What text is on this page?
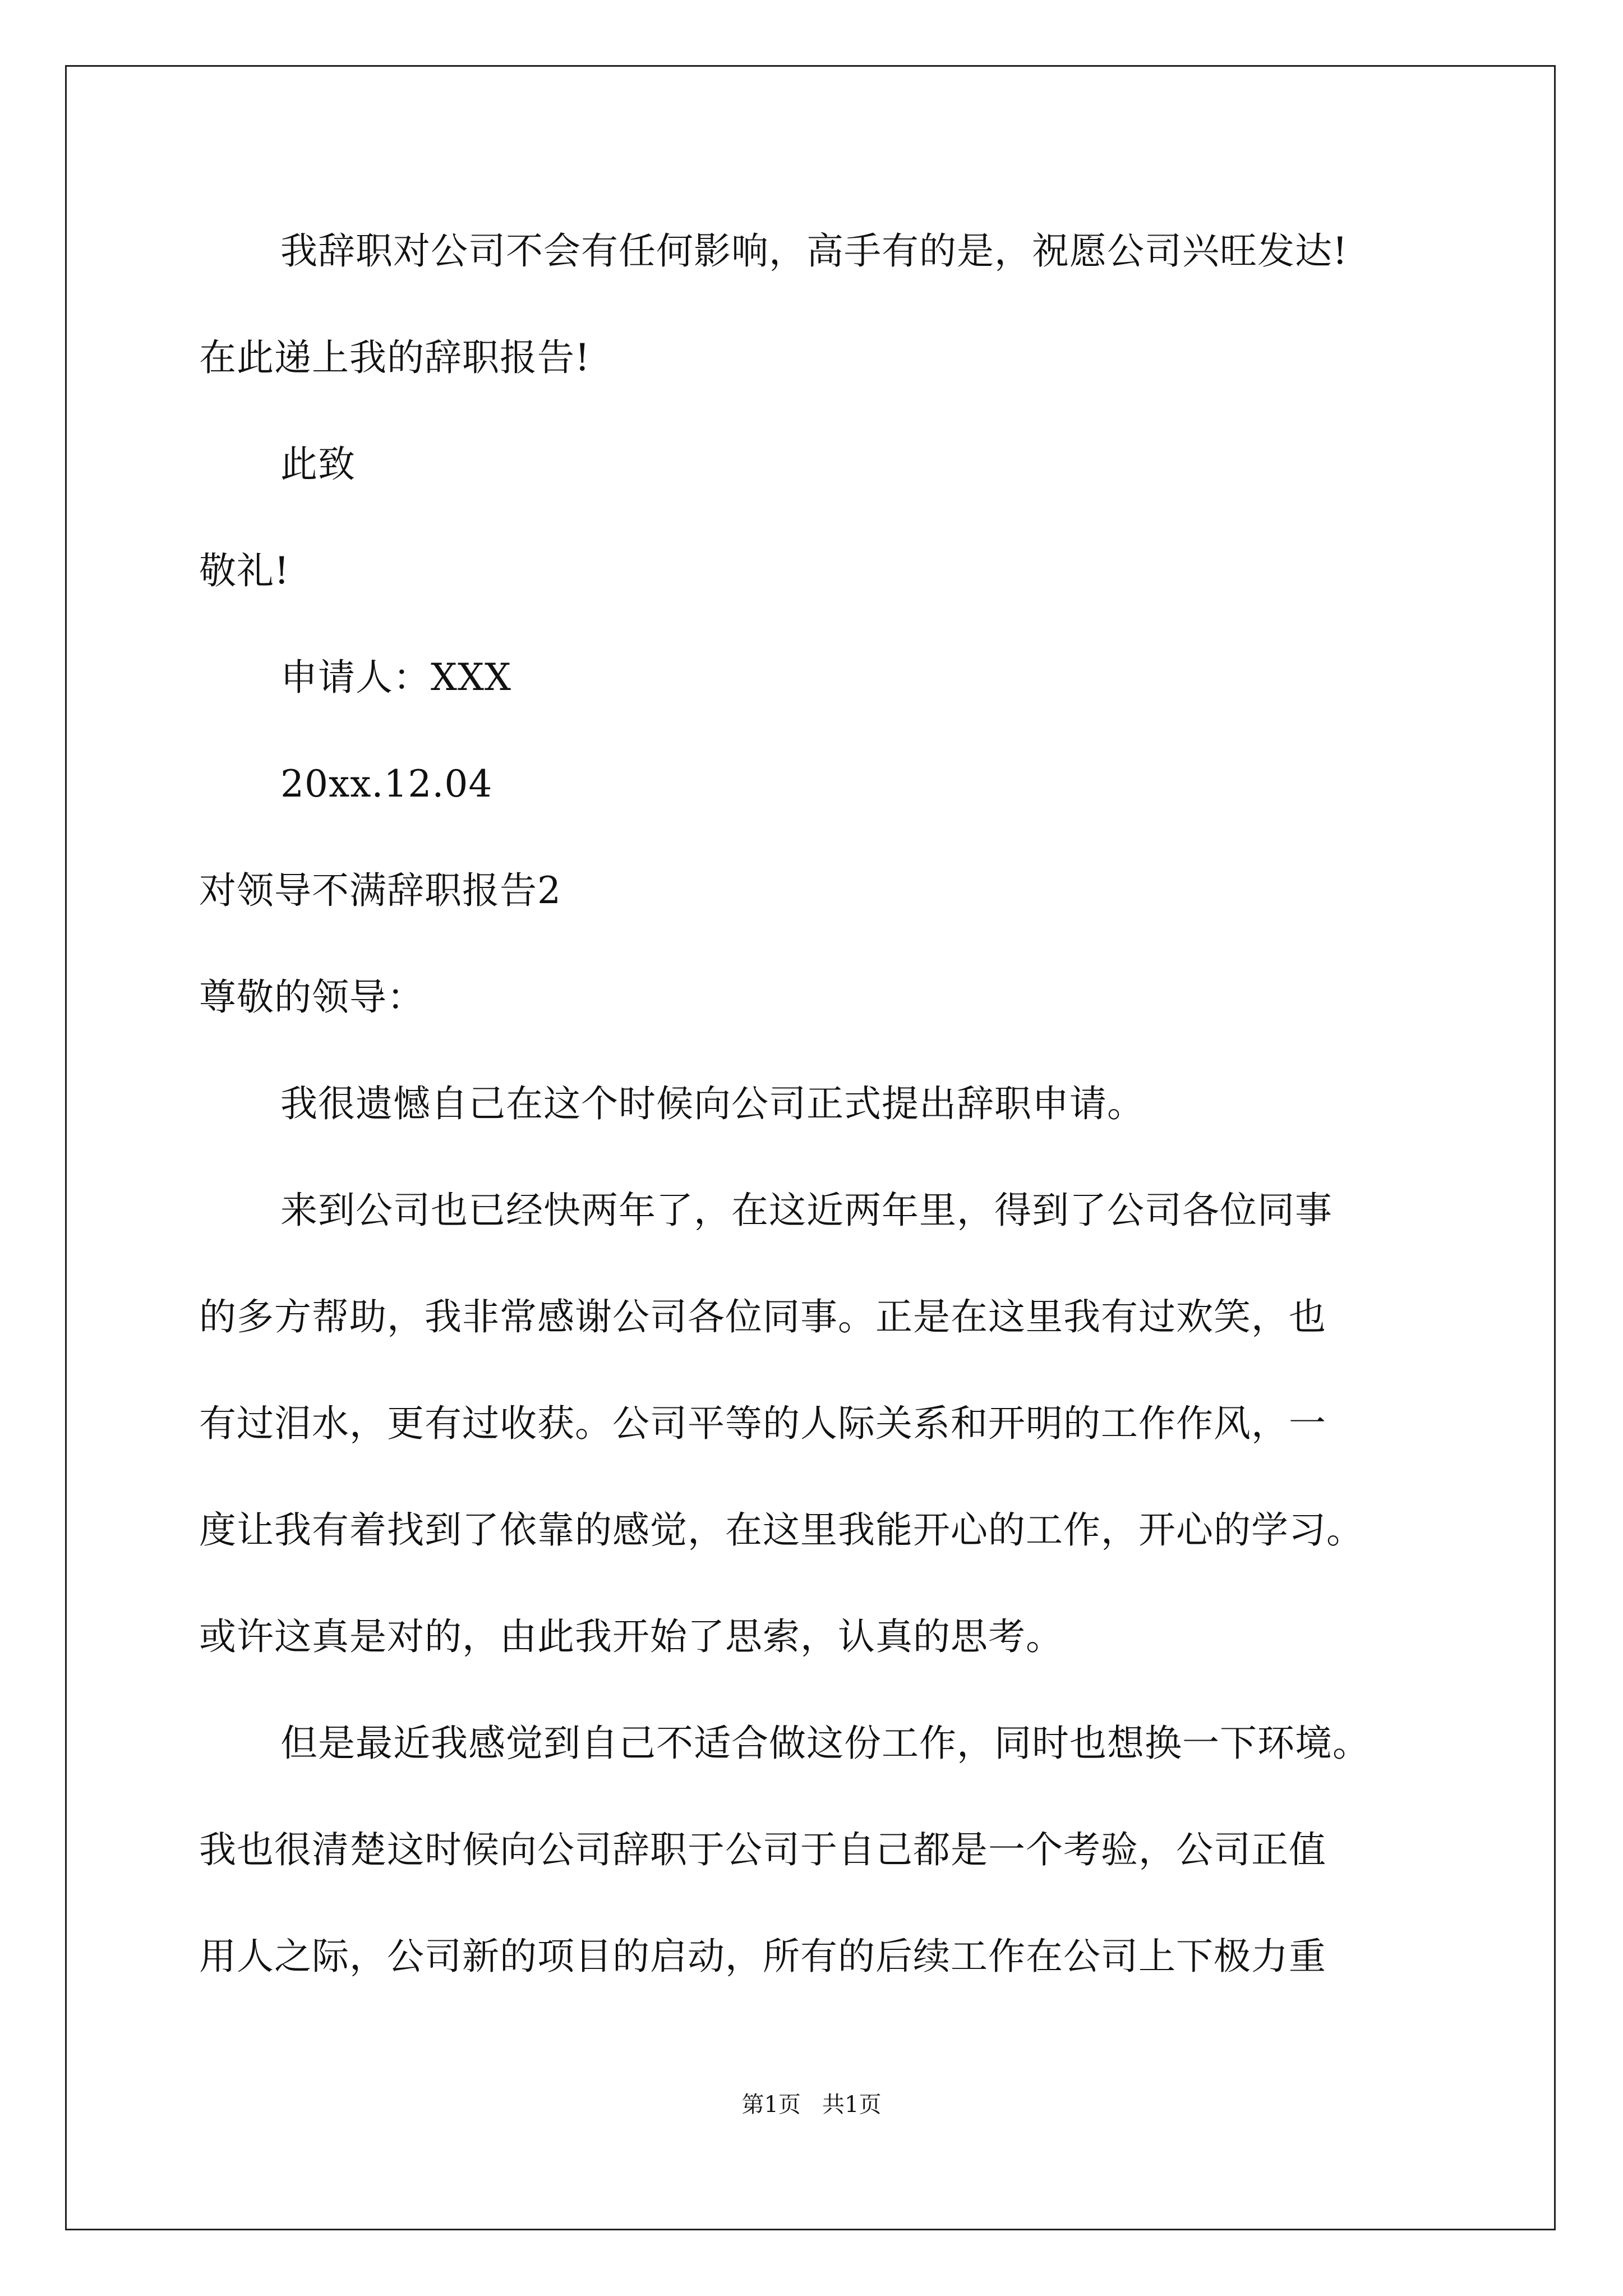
我辞职对公司不会有任何影响，高手有的是，祝愿公司兴旺发达!

在此递上我的辞职报告!

此致

敬礼!

申请人：XXX

20xx.12.04

对领导不满辞职报告2

尊敬的领导：

我很遗憾自己在这个时候向公司正式提出辞职申请。

来到公司也已经快两年了，在这近两年里，得到了公司各位同事

的多方帮助，我非常感谢公司各位同事。正是在这里我有过欢笑，也

有过泪水，更有过收获。公司平等的人际关系和开明的工作作风，一

度让我有着找到了依靠的感觉，在这里我能开心的工作，开心的学习。

或许这真是对的，由此我开始了思索，认真的思考。

但是最近我感觉到自己不适合做这份工作，同时也想换一下环境。

我也很清楚这时候向公司辞职于公司于自己都是一个考验，公司正值

用人之际，公司新的项目的启动，所有的后续工作在公司上下极力重

第1页   共1页
